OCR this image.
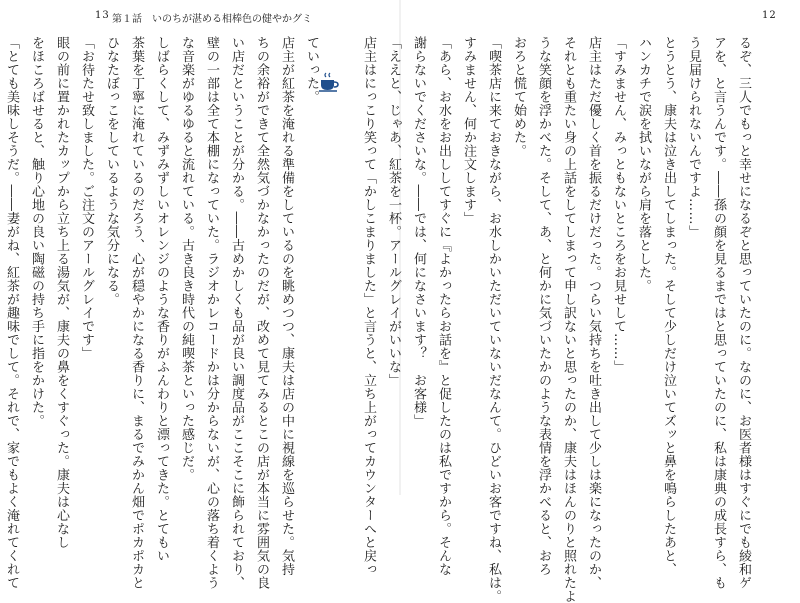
13 第１話　いのちが湛める相棒色の健やかグミ

ていった。

店主が紅茶を淹れる準備をしているのを眺めつつ、康夫は店の中に視線を巡らせた。気持

ちの余裕ができて全然気づかなかったのだが、改めて見てみるとこの店が本当に雰囲気の良

い店だということが分かる。――古めかしくも品が良い調度品がここそこに飾られており、

壁の一部は全て本棚になっていた。ラジオかレコードかは分からないが、心の落ち着くよう

な音楽がゆるゆると流れている。古き良き時代の純喫茶といった感じだ。

しばらくして、みずみずしいオレンジのような香りがふんわりと漂ってきた。とてもい

茶葉を丁寧に淹れているのだろう、心が穏やかになる香りに、まるでみかん畑でポカポカと

ひなたぼっこをしているような気分になる。

「お待たせ致しました。ご注文のアールグレイです」

眼の前に置かれたカップから立ち上る湯気が、康夫の鼻をくすぐった。康夫は心なし

をほころばせると、触り心地の良い陶磁の持ち手に指をかけた。

「とても美味しそうだ。――妻がね、紅茶が趣味でして。それで、家でもよく淹れてくれて

12

るぞ、三人でもっと幸せになるぞと思っていたのに。なのに、お医者様はすぐにでも綾和ゲ

アを、と言うんです。――孫の顔を見るまではと思っていたのに、私は康典の成長すら、も

う見届けられないんですよ……」

とうとう、康夫は泣き出してしまった。そして少しだけ泣いてズッと鼻を鳴らしたあと、

ハンカチで涙を拭いながら肩を落とした。

「すみません、みっともないところをお見せして……」

店主はただ優しく首を振るだけだった。つらい気持ちを吐き出して少しは楽になったのか、

それとも重たい身の上話をしてしまって申し訳ないと思ったのか、康夫はほんのりと照れたよ

うな笑顔を浮かべた。そして、あ、と何かに気づいたかのような表情を浮かべると、おろ

おろと慌て始めた。

「喫茶店に来ておきながら、お水しかいただいていないだなんて。ひどいお客ですね、私は。

すみません、何か注文します」

「あら、お水をお出ししてすぐに『よかったらお話を』と促したのは私ですから。そんな

謝らないでくださいな。――では、何になさいます？　お客様」

「ええと、じゃあ、紅茶を一杯。アールグレイがいいな」

店主はにっこり笑って「かしこまりました」と言うと、立ち上がってカウンターへと戻っ
